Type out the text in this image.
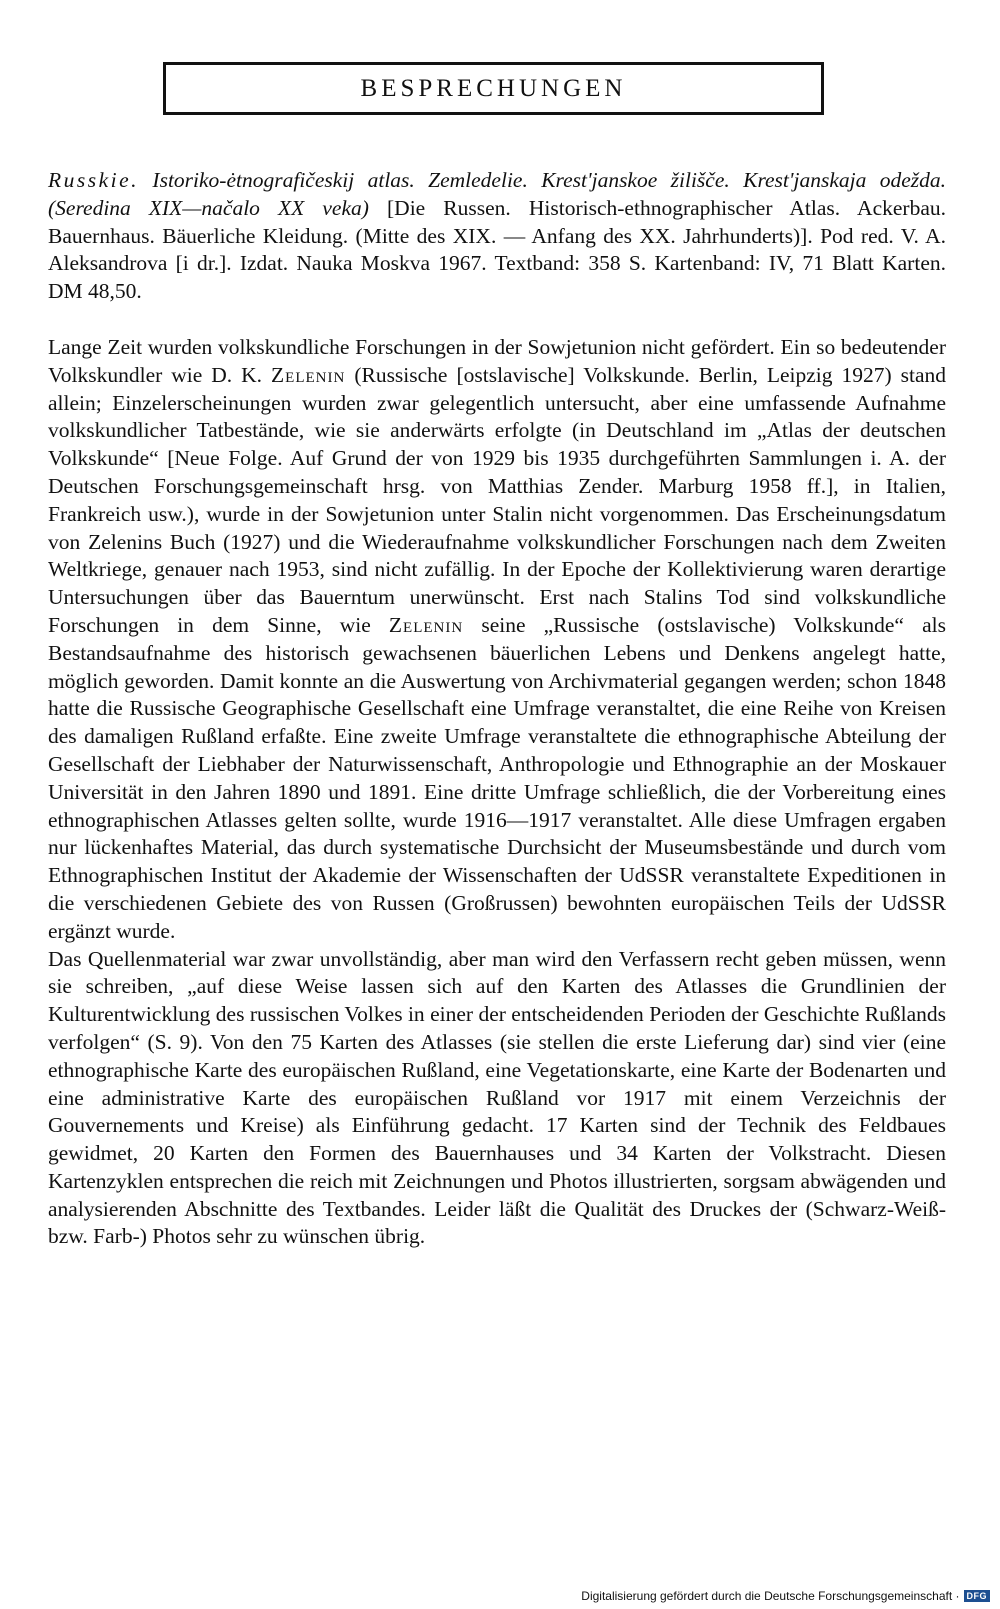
BESPRECHUNGEN

Russkie. Istoriko-ėtnografičeskij atlas. Zemledelie. Krest'janskoe žilišče. Krest'janskaja odežda. (Seredina XIX—načalo XX veka) [Die Russen. Historisch-ethnographischer Atlas. Ackerbau. Bauernhaus. Bäuerliche Kleidung. (Mitte des XIX. — Anfang des XX. Jahrhunderts)]. Pod red. V. A. Aleksandrova [i dr.]. Izdat. Nauka Moskva 1967. Textband: 358 S. Kartenband: IV, 71 Blatt Karten. DM 48,50.

Lange Zeit wurden volkskundliche Forschungen in der Sowjetunion nicht gefördert. Ein so bedeutender Volkskundler wie D. K. Zelenin (Russische [ostslavische] Volkskunde. Berlin, Leipzig 1927) stand allein; Einzelerscheinungen wurden zwar gelegentlich untersucht, aber eine umfassende Aufnahme volkskundlicher Tatbestände, wie sie anderwärts erfolgte (in Deutschland im „Atlas der deutschen Volkskunde“ [Neue Folge. Auf Grund der von 1929 bis 1935 durchgeführten Sammlungen i. A. der Deutschen Forschungsgemeinschaft hrsg. von Matthias Zender. Marburg 1958 ff.], in Italien, Frankreich usw.), wurde in der Sowjetunion unter Stalin nicht vorgenommen. Das Erscheinungsdatum von Zelenins Buch (1927) und die Wiederaufnahme volkskundlicher Forschungen nach dem Zweiten Weltkriege, genauer nach 1953, sind nicht zufällig. In der Epoche der Kollektivierung waren derartige Untersuchungen über das Bauerntum unerwünscht. Erst nach Stalins Tod sind volkskundliche Forschungen in dem Sinne, wie Zelenin seine „Russische (ostslavische) Volkskunde“ als Bestandsaufnahme des historisch gewachsenen bäuerlichen Lebens und Denkens angelegt hatte, möglich geworden. Damit konnte an die Auswertung von Archivmaterial gegangen werden; schon 1848 hatte die Russische Geographische Gesellschaft eine Umfrage veranstaltet, die eine Reihe von Kreisen des damaligen Rußland erfaßte. Eine zweite Umfrage veranstaltete die ethnographische Abteilung der Gesellschaft der Liebhaber der Naturwissenschaft, Anthropologie und Ethnographie an der Moskauer Universität in den Jahren 1890 und 1891. Eine dritte Umfrage schließlich, die der Vorbereitung eines ethnographischen Atlasses gelten sollte, wurde 1916—1917 veranstaltet. Alle diese Umfragen ergaben nur lückenhaftes Material, das durch systematische Durchsicht der Museumsbestände und durch vom Ethnographischen Institut der Akademie der Wissenschaften der UdSSR veranstaltete Expeditionen in die verschiedenen Gebiete des von Russen (Großrussen) bewohnten europäischen Teils der UdSSR ergänzt wurde.

Das Quellenmaterial war zwar unvollständig, aber man wird den Verfassern recht geben müssen, wenn sie schreiben, „auf diese Weise lassen sich auf den Karten des Atlasses die Grundlinien der Kulturentwicklung des russischen Volkes in einer der entscheidenden Perioden der Geschichte Rußlands verfolgen“ (S. 9). Von den 75 Karten des Atlasses (sie stellen die erste Lieferung dar) sind vier (eine ethnographische Karte des europäischen Rußland, eine Vegetationskarte, eine Karte der Bodenarten und eine administrative Karte des europäischen Rußland vor 1917 mit einem Verzeichnis der Gouvernements und Kreise) als Einführung gedacht. 17 Karten sind der Technik des Feldbaues gewidmet, 20 Karten den Formen des Bauernhauses und 34 Karten der Volkstracht. Diesen Kartenzyklen entsprechen die reich mit Zeichnungen und Photos illustrierten, sorgsam abwägenden und analysierenden Abschnitte des Textbandes. Leider läßt die Qualität des Druckes der (Schwarz-Weiß- bzw. Farb-) Photos sehr zu wünschen übrig.

Digitalisierung gefördert durch die Deutsche Forschungsgemeinschaft · DFG
